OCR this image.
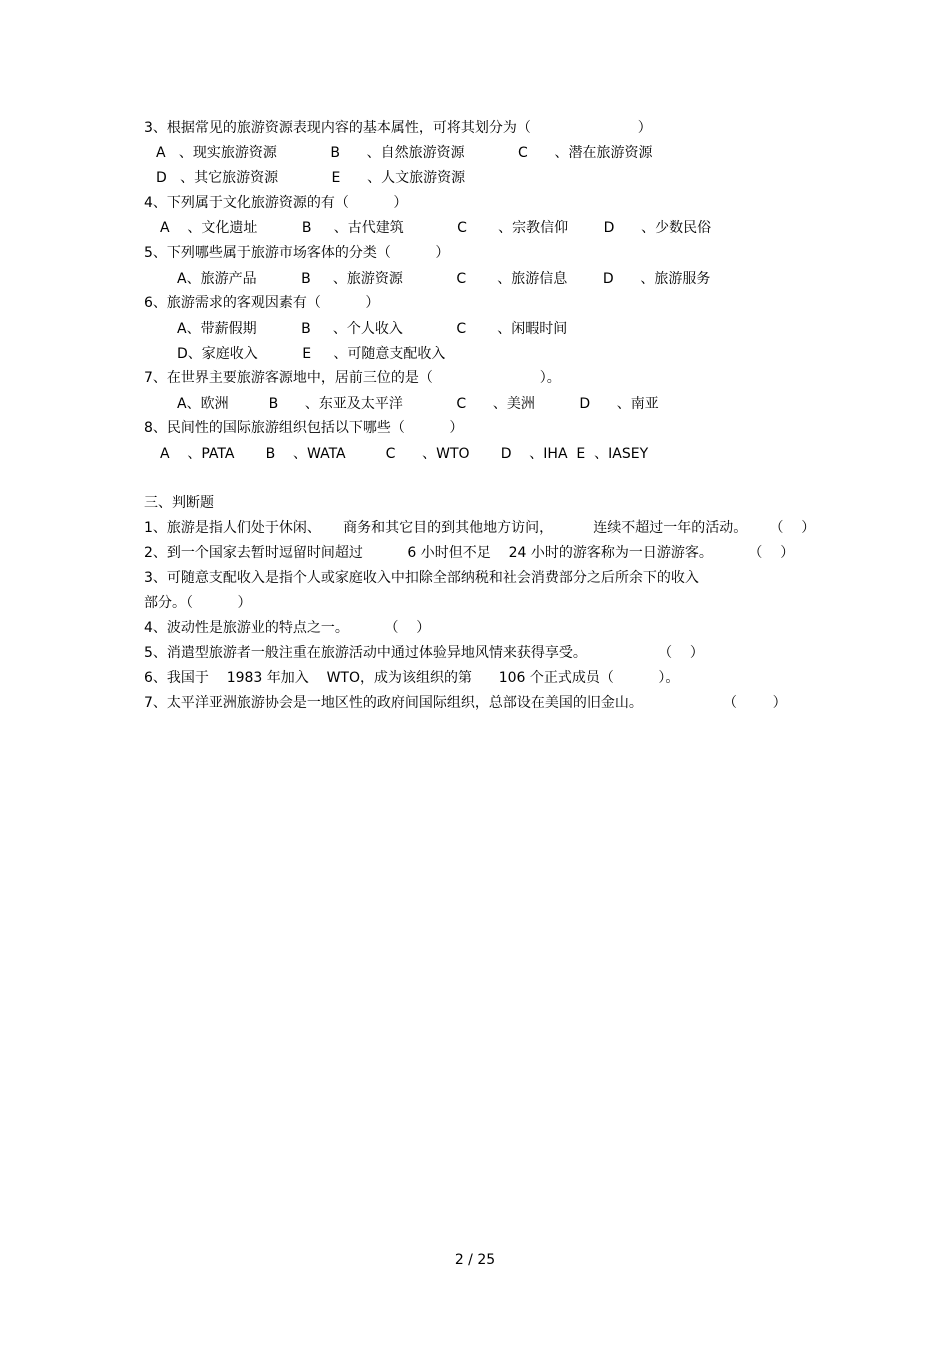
3、根据常见的旅游资源表现内容的基本属性，可将其划分为（                        ）
A   、现实旅游资源            B      、自然旅游资源            C      、潜在旅游资源
D   、其它旅游资源            E      、人文旅游资源
4、下列属于文化旅游资源的有（          ）
A    、文化遗址          B     、古代建筑            C       、宗教信仰        D      、少数民俗
5、下列哪些属于旅游市场客体的分类（          ）
A、旅游产品          B     、旅游资源            C       、旅游信息        D      、旅游服务
6、旅游需求的客观因素有（          ）
A、带薪假期          B     、个人收入            C       、闲暇时间
D、家庭收入          E     、可随意支配收入
7、在世界主要旅游客源地中，居前三位的是（                        ）。
A、欧洲         B      、东亚及太平洋            C      、美洲          D      、南亚
8、民间性的国际旅游组织包括以下哪些（          ）
A    、PATA       B    、WATA         C      、WTO       D    、IHA  E  、IASEY
三、判断题
1、旅游是指人们处于休闲、     商务和其它目的到其他地方访问，         连续不超过一年的活动。     （    ）
2、到一个国家去暂时逗留时间超过          6 小时但不足    24 小时的游客称为一日游游客。        （    ）
3、可随意支配收入是指个人或家庭收入中扣除全部纳税和社会消费部分之后所余下的收入
部分。（          ）
4、波动性是旅游业的特点之一。        （    ）
5、消遣型旅游者一般注重在旅游活动中通过体验异地风情来获得享受。                （    ）
6、我国于    1983 年加入    WTO，成为该组织的第      106 个正式成员（          ）。
7、太平洋亚洲旅游协会是一地区性的政府间国际组织，总部设在美国的旧金山。                  （        ）
2 / 25
